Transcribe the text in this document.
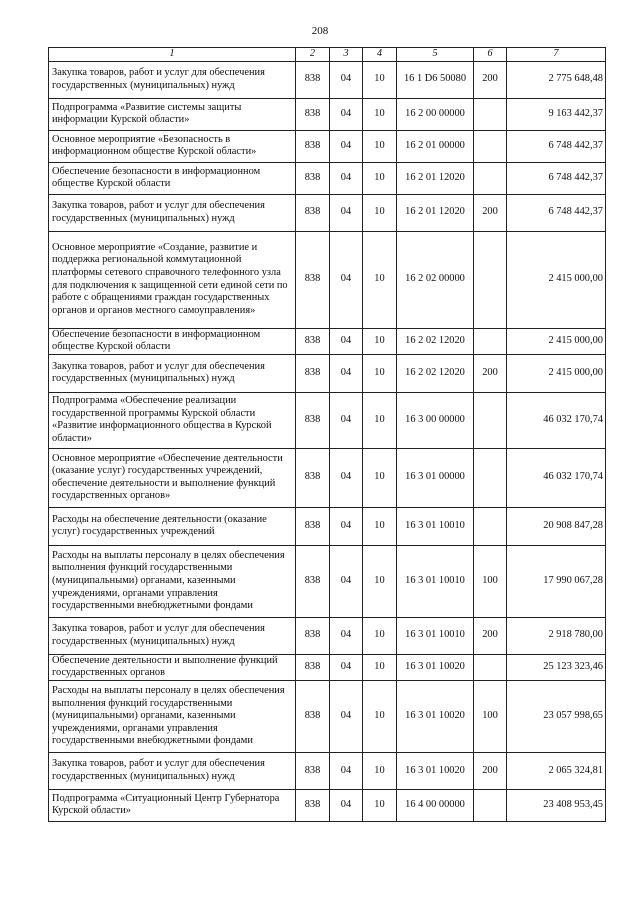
208
1	2	3	4	5	6	7
Закупка товаров, работ и услуг для обеспечения государственных (муниципальных) нужд	838	04	10	16 1 D6 50080	200	2 775 648,48
Подпрограмма «Развитие системы защиты информации Курской области»	838	04	10	16 2 00 00000		9 163 442,37
Основное мероприятие «Безопасность в информационном обществе Курской области»	838	04	10	16 2 01 00000		6 748 442,37
Обеспечение безопасности в информационном обществе Курской области	838	04	10	16 2 01 12020		6 748 442,37
Закупка товаров, работ и услуг для обеспечения государственных (муниципальных) нужд	838	04	10	16 2 01 12020	200	6 748 442,37
Основное мероприятие «Создание, развитие и поддержка региональной коммутационной платформы сетевого справочного телефонного узла для подключения к защищенной сети единой сети по работе с обращениями граждан государственных органов и органов местного самоуправления»	838	04	10	16 2 02 00000		2 415 000,00
Обеспечение безопасности в информационном обществе Курской области	838	04	10	16 2 02 12020		2 415 000,00
Закупка товаров, работ и услуг для обеспечения государственных (муниципальных) нужд	838	04	10	16 2 02 12020	200	2 415 000,00
Подпрограмма «Обеспечение реализации государственной программы Курской области «Развитие информационного общества в Курской области»	838	04	10	16 3 00 00000		46 032 170,74
Основное мероприятие «Обеспечение деятельности (оказание услуг) государственных учреждений, обеспечение деятельности и выполнение функций государственных органов»	838	04	10	16 3 01 00000		46 032 170,74
Расходы на обеспечение деятельности (оказание услуг) государственных учреждений	838	04	10	16 3 01 10010		20 908 847,28
Расходы на выплаты персоналу в целях обеспечения выполнения функций государственными (муниципальными) органами, казенными учреждениями, органами управления государственными внебюджетными фондами	838	04	10	16 3 01 10010	100	17 990 067,28
Закупка товаров, работ и услуг для обеспечения государственных (муниципальных) нужд	838	04	10	16 3 01 10010	200	2 918 780,00
Обеспечение деятельности и выполнение функций государственных органов	838	04	10	16 3 01 10020		25 123 323,46
Расходы на выплаты персоналу в целях обеспечения выполнения функций государственными (муниципальными) органами, казенными учреждениями, органами управления государственными внебюджетными фондами	838	04	10	16 3 01 10020	100	23 057 998,65
Закупка товаров, работ и услуг для обеспечения государственных (муниципальных) нужд	838	04	10	16 3 01 10020	200	2 065 324,81
Подпрограмма «Ситуационный Центр Губернатора Курской области»	838	04	10	16 4 00 00000		23 408 953,45
